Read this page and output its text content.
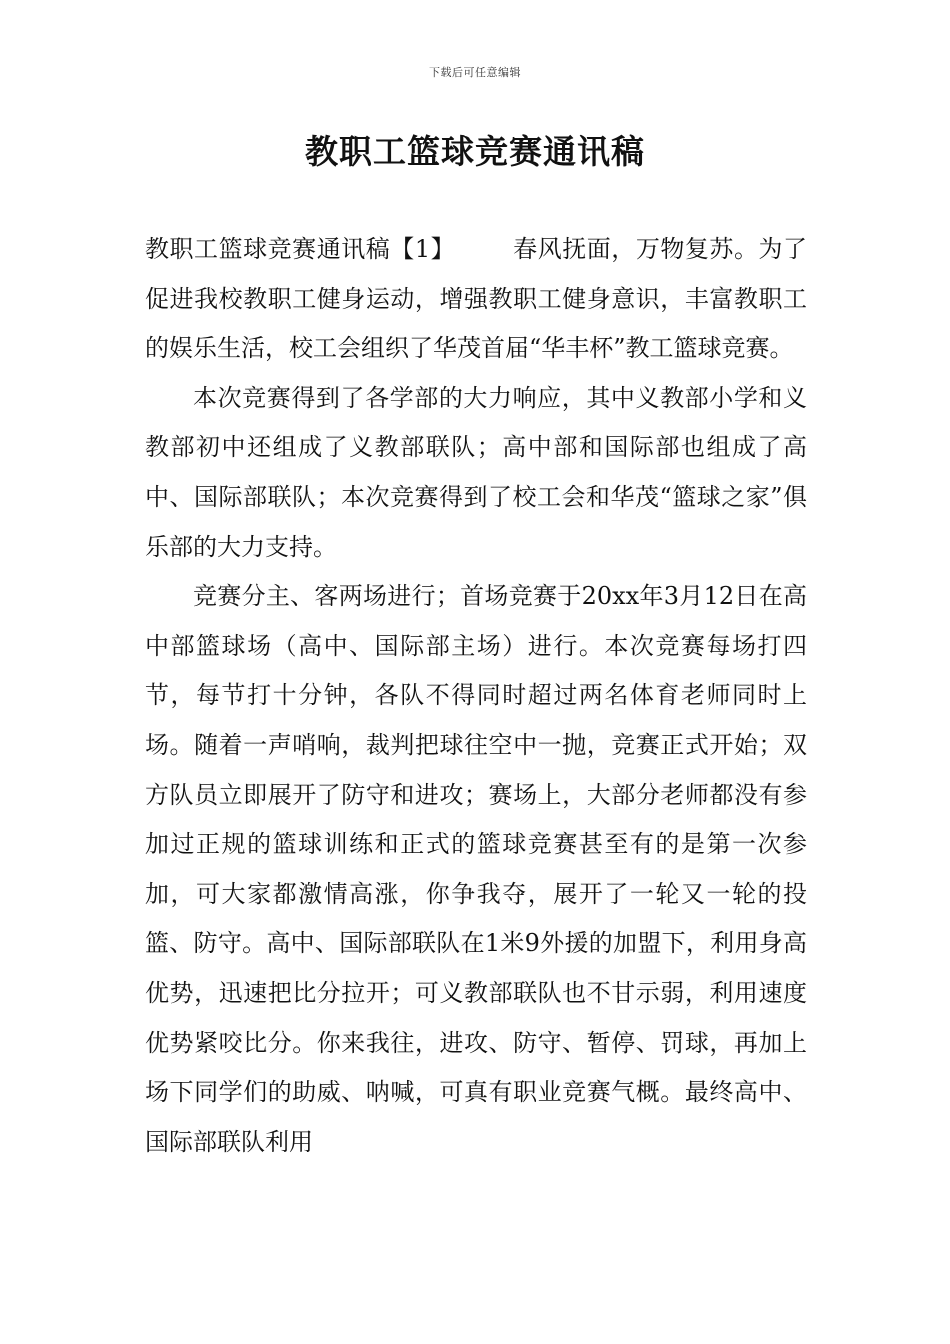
下载后可任意编辑
教职工篮球竞赛通讯稿

教职工篮球竞赛通讯稿【1】 春风抚面，万物复苏。为了促进我校教职工健身运动，增强教职工健身意识，丰富教职工的娱乐生活，校工会组织了华茂首届“华丰杯”教工篮球竞赛。

本次竞赛得到了各学部的大力响应，其中义教部小学和义教部初中还组成了义教部联队；高中部和国际部也组成了高中、国际部联队；本次竞赛得到了校工会和华茂“篮球之家”俱乐部的大力支持。

竞赛分主、客两场进行；首场竞赛于20xx年3月12日在高中部篮球场（高中、国际部主场）进行。本次竞赛每场打四节，每节打十分钟，各队不得同时超过两名体育老师同时上场。随着一声哨响，裁判把球往空中一抛，竞赛正式开始；双方队员立即展开了防守和进攻；赛场上，大部分老师都没有参加过正规的篮球训练和正式的篮球竞赛甚至有的是第一次参加，可大家都激情高涨，你争我夺，展开了一轮又一轮的投篮、防守。高中、国际部联队在1米9外援的加盟下，利用身高优势，迅速把比分拉开；可义教部联队也不甘示弱，利用速度优势紧咬比分。你来我往，进攻、防守、暂停、罚球，再加上场下同学们的助威、呐喊，可真有职业竞赛气概。最终高中、国际部联队利用
